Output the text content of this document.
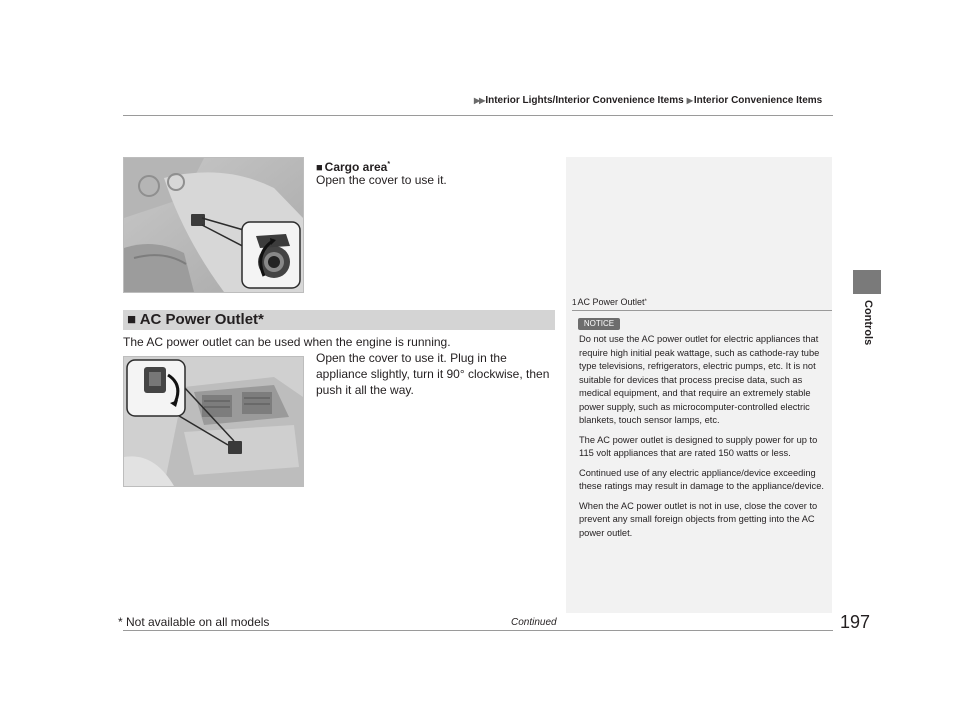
▶▶ Interior Lights/Interior Convenience Items ▶ Interior Convenience Items
Controls
■ Cargo area*
Open the cover to use it.
■ AC Power Outlet*
The AC power outlet can be used when the engine is running.
Open the cover to use it. Plug in the appliance slightly, turn it 90° clockwise, then push it all the way.
1 AC Power Outlet *
NOTICE

Do not use the AC power outlet for electric appliances that require high initial peak wattage, such as cathode-ray tube type televisions, refrigerators, electric pumps, etc. It is not suitable for devices that process precise data, such as medical equipment, and that require an extremely stable power supply, such as microcomputer-controlled electric blankets, touch sensor lamps, etc.

The AC power outlet is designed to supply power for up to 115 volt appliances that are rated 150 watts or less.

Continued use of any electric appliance/device exceeding these ratings may result in damage to the appliance/device.

When the AC power outlet is not in use, close the cover to prevent any small foreign objects from getting into the AC power outlet.

* Not available on all models	Continued	197
